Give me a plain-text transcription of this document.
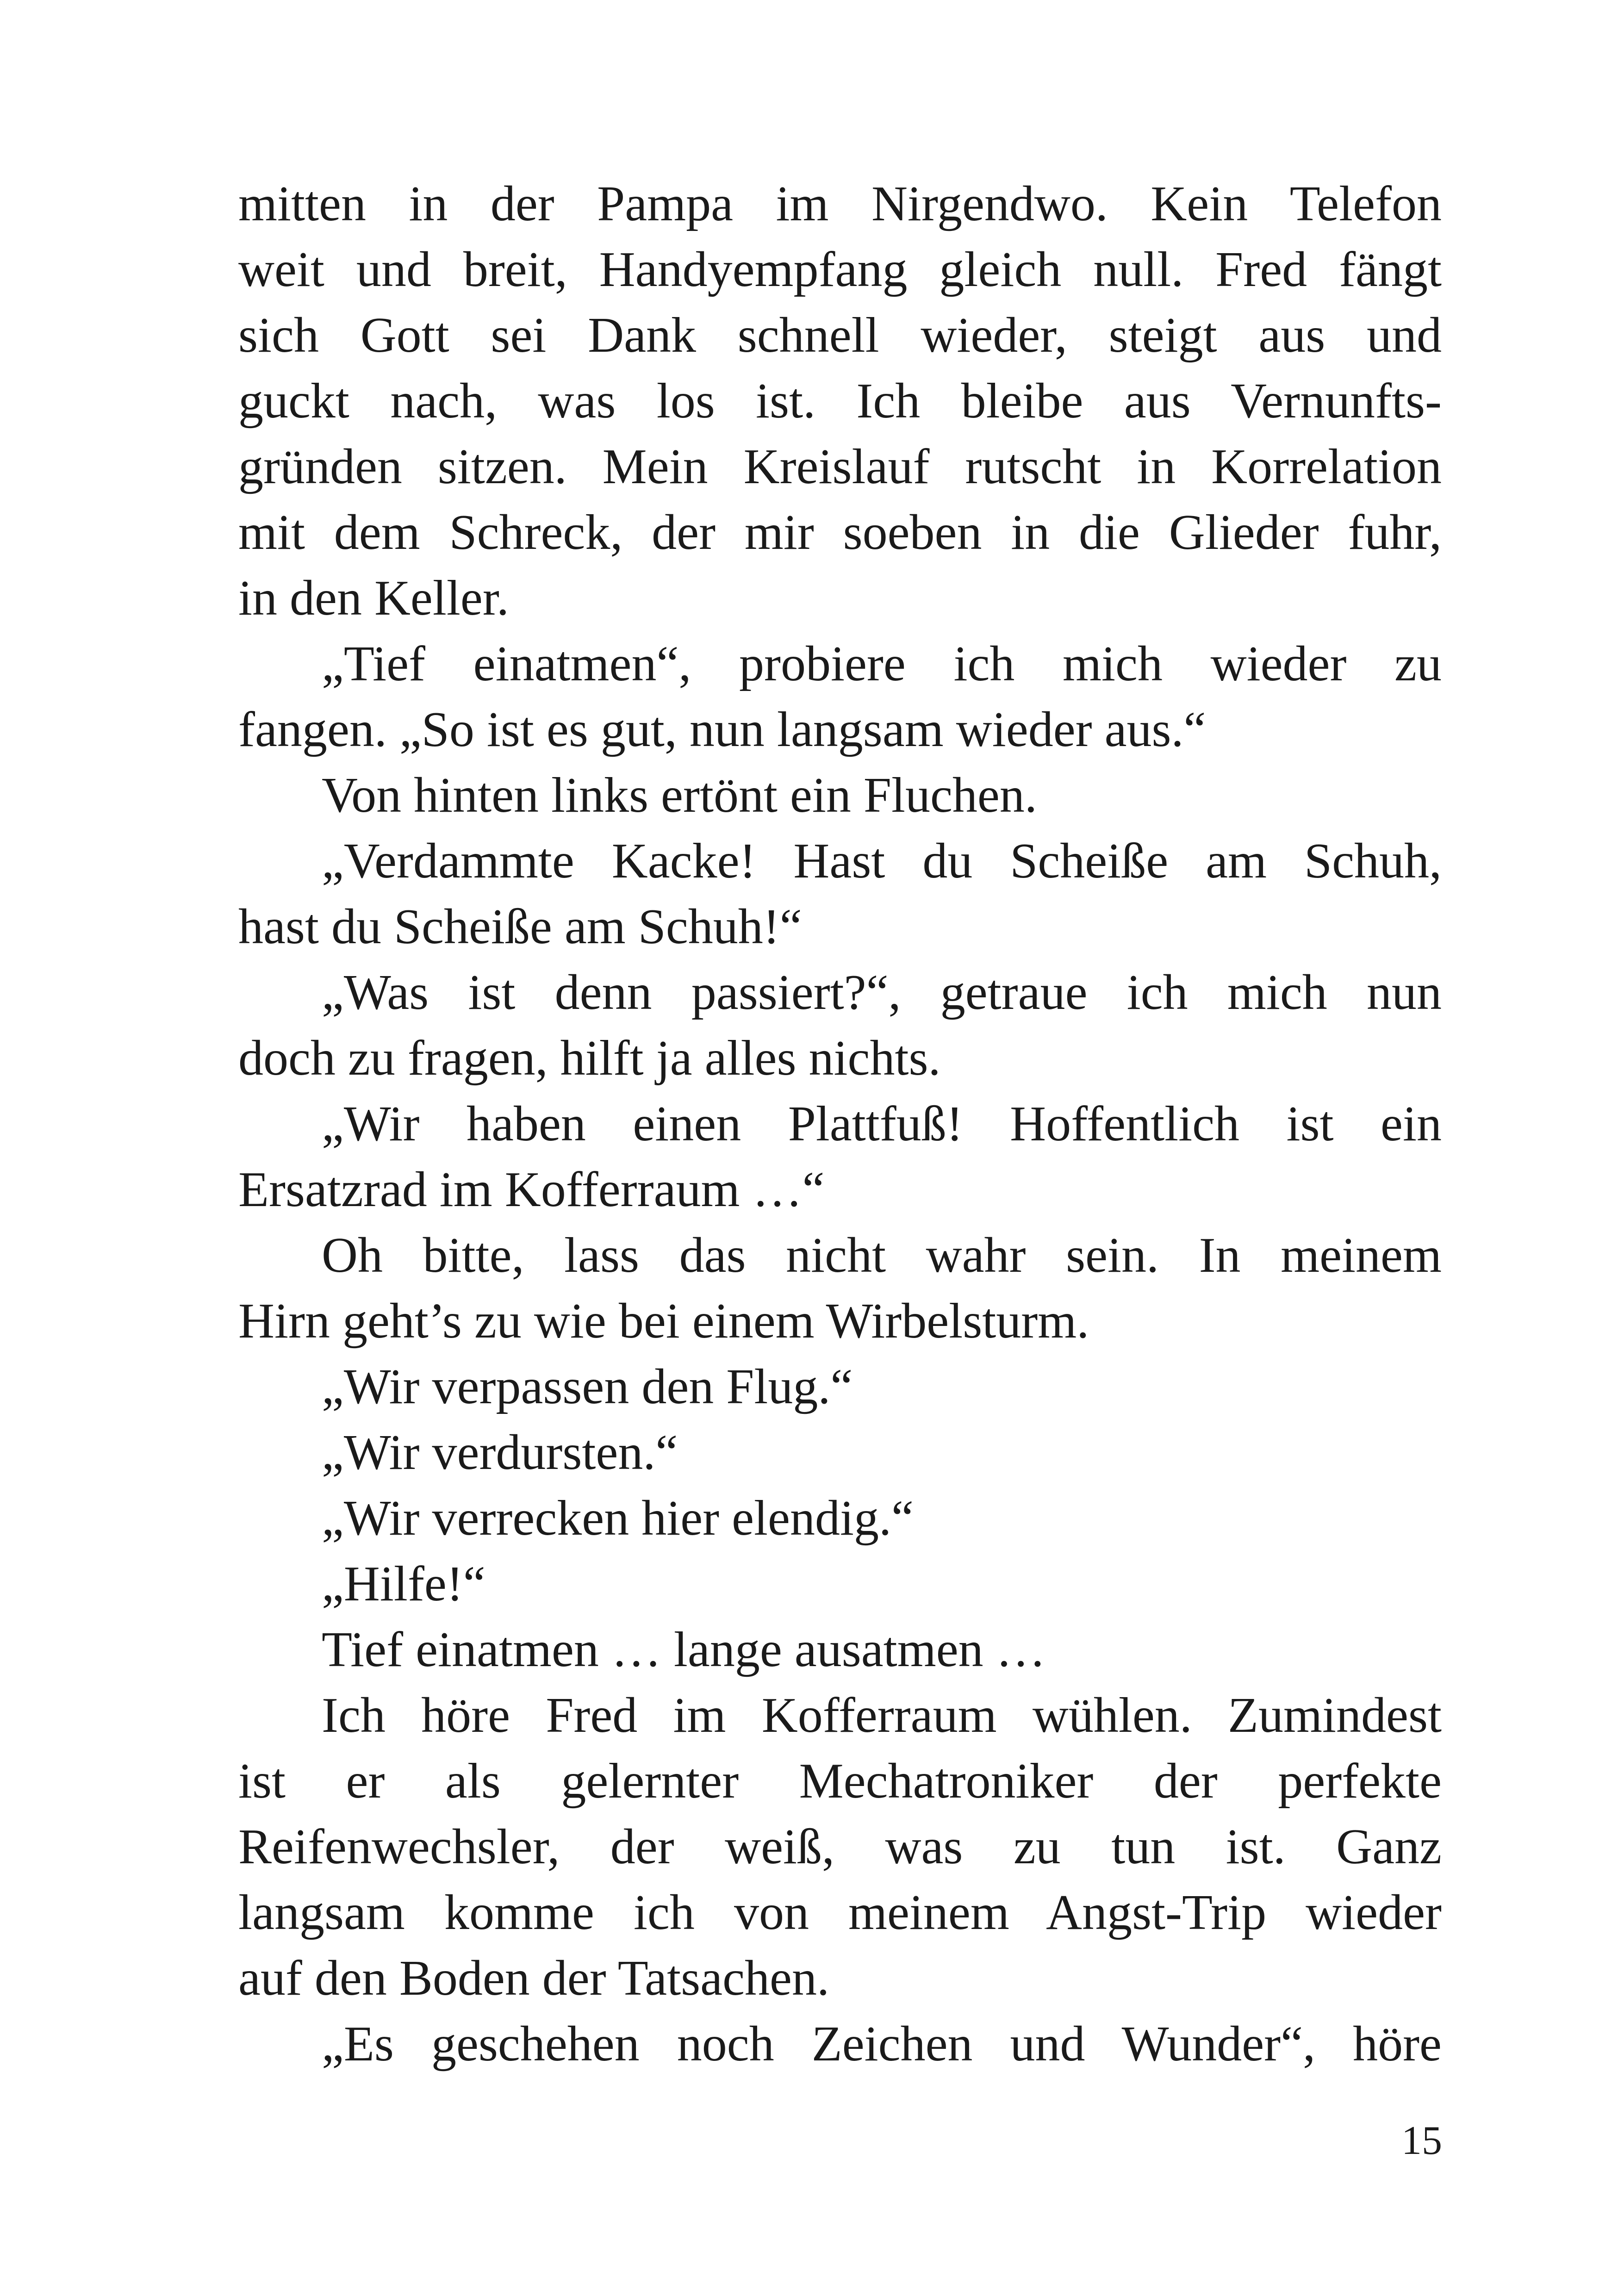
mitten in der Pampa im Nirgendwo. Kein Telefon
weit und breit, Handyempfang gleich null. Fred fängt
sich Gott sei Dank schnell wieder, steigt aus und
guckt nach, was los ist. Ich bleibe aus Vernunfts-
gründen sitzen. Mein Kreislauf rutscht in Korrelation
mit dem Schreck, der mir soeben in die Glieder fuhr,
in den Keller.
„Tief einatmen“, probiere ich mich wieder zu
fangen. „So ist es gut, nun langsam wieder aus.“
Von hinten links ertönt ein Fluchen.
„Verdammte Kacke! Hast du Scheiße am Schuh,
hast du Scheiße am Schuh!“
„Was ist denn passiert?“, getraue ich mich nun
doch zu fragen, hilft ja alles nichts.
„Wir haben einen Plattfuß! Hoffentlich ist ein
Ersatzrad im Kofferraum …“
Oh bitte, lass das nicht wahr sein. In meinem
Hirn geht’s zu wie bei einem Wirbelsturm.
„Wir verpassen den Flug.“
„Wir verdursten.“
„Wir verrecken hier elendig.“
„Hilfe!“
Tief einatmen … lange ausatmen …
Ich höre Fred im Kofferraum wühlen. Zumindest
ist er als gelernter Mechatroniker der perfekte
Reifenwechsler, der weiß, was zu tun ist. Ganz
langsam komme ich von meinem Angst-Trip wieder
auf den Boden der Tatsachen.
„Es geschehen noch Zeichen und Wunder“, höre
15
